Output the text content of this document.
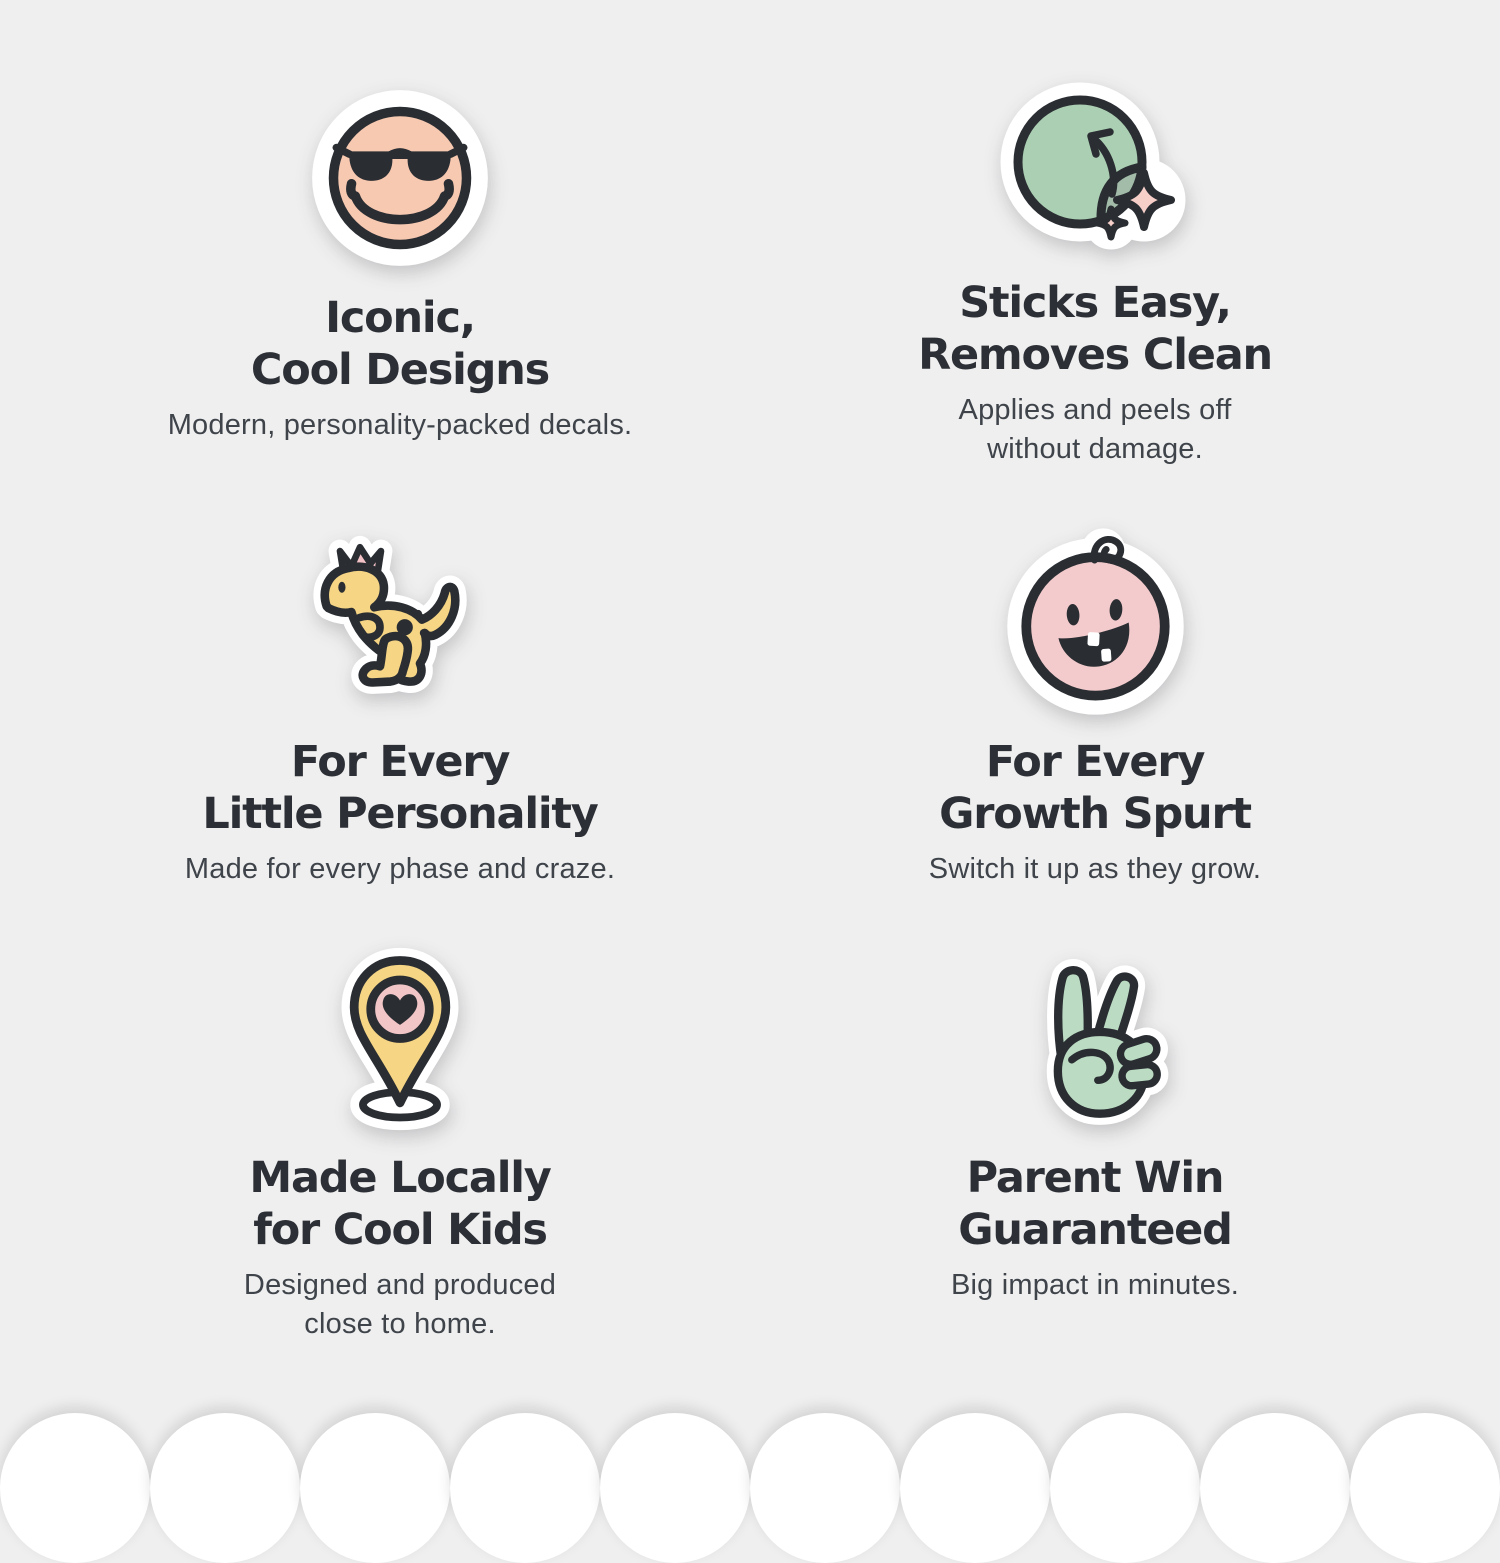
Iconic,
Cool Designs

Modern, personality-packed decals.

Sticks Easy,
Removes Clean

Applies and peels off
without damage.

For Every
Little Personality

Made for every phase and craze.

For Every
Growth Spurt

Switch it up as they grow.

Made Locally
for Cool Kids

Designed and produced
close to home.

Parent Win
Guaranteed

Big impact in minutes.
